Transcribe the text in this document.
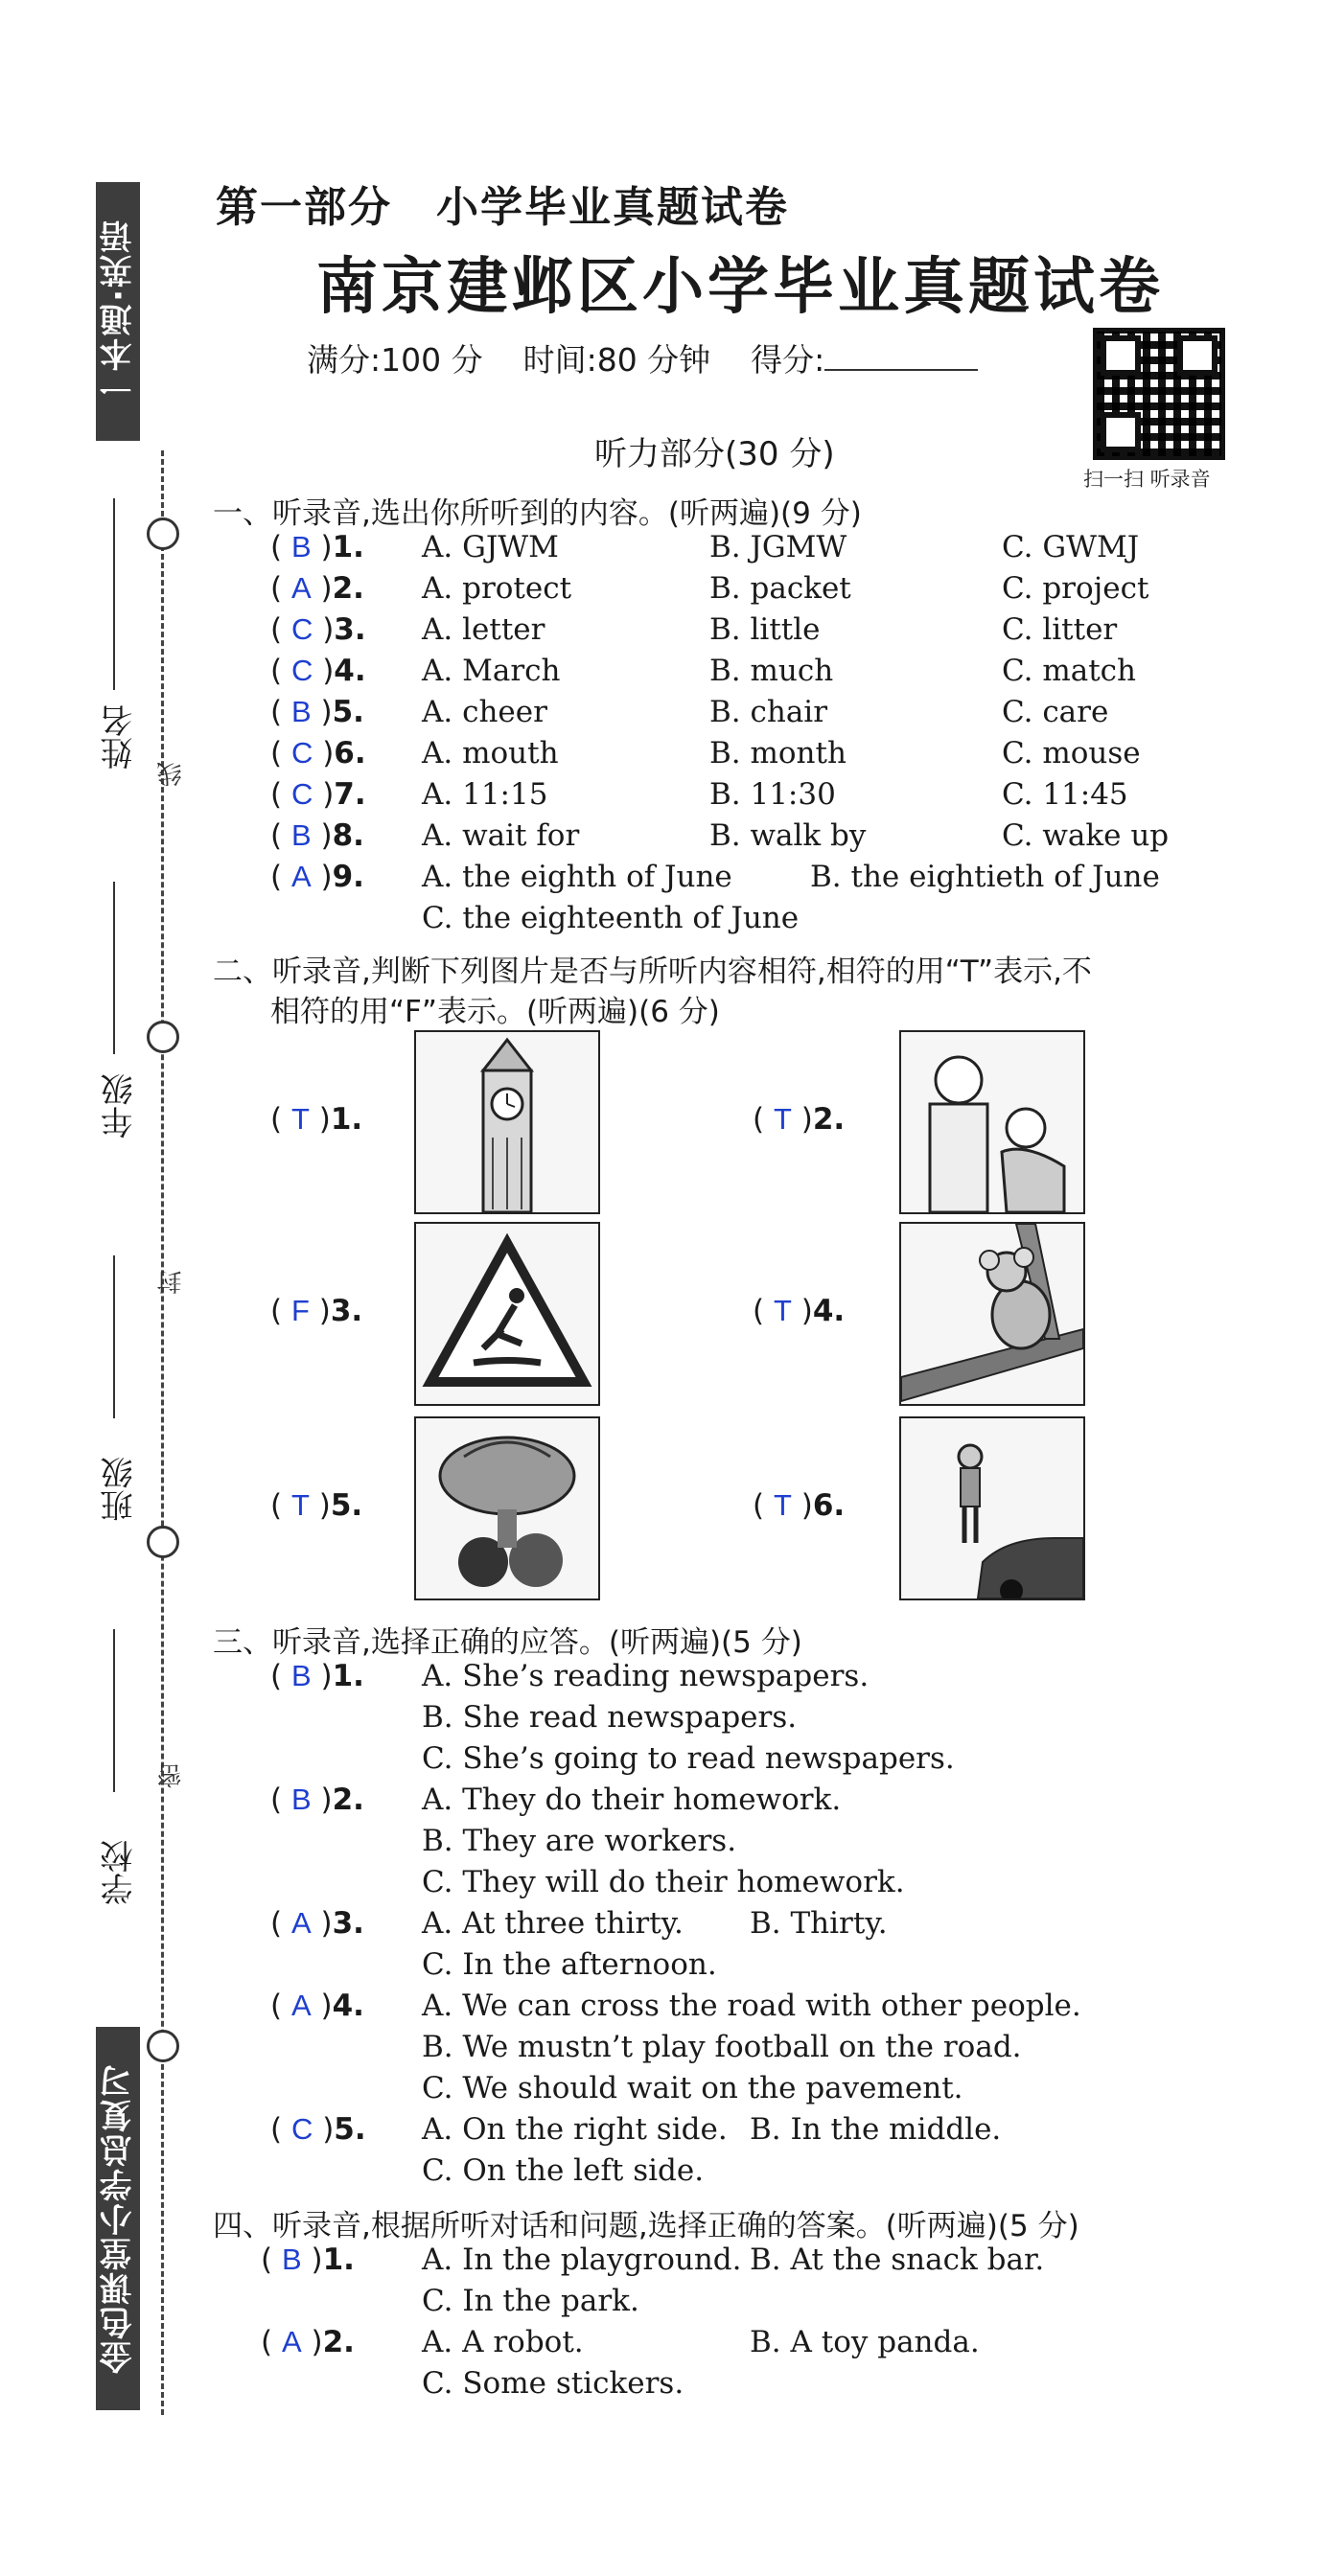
一本通·英语
金色课堂小学总复习
姓名
线
年级
封
班级
密
学校
第一部分　小学毕业真题试卷
南京建邺区小学毕业真题试卷
满分:100 分 时间:80 分钟 得分:
扫一扫 听录音
听力部分(30 分)
一、听录音,选出你所听到的内容。(听两遍)(9 分)
( B )1. A. GJWM	B. JGMW	C. GWMJ
( A )2. A. protect	B. packet	C. project
( C )3. A. letter	B. little	C. litter
( C )4. A. March	B. much	C. match
( B )5. A. cheer	B. chair	C. care
( C )6. A. mouth	B. month	C. mouse
( C )7. A. 11:15	B. 11:30	C. 11:45
( B )8. A. wait for	B. walk by	C. wake up
( A )9. A. the eighth of June	B. the eightieth of June
C. the eighteenth of June
二、听录音,判断下列图片是否与所听内容相符,相符的用“T”表示,不
相符的用“F”表示。(听两遍)(6 分)
( T )1.	( T )2.
( F )3.	( T )4.
( T )5.	( T )6.
三、听录音,选择正确的应答。(听两遍)(5 分)
( B )1. A. She’s reading newspapers.
B. She read newspapers.
C. She’s going to read newspapers.
( B )2. A. They do their homework.
B. They are workers.
C. They will do their homework.
( A )3. A. At three thirty. B. Thirty.
C. In the afternoon.
( A )4. A. We can cross the road with other people.
B. We mustn’t play football on the road.
C. We should wait on the pavement.
( C )5. A. On the right side. B. In the middle.
C. On the left side.
四、听录音,根据所听对话和问题,选择正确的答案。(听两遍)(5 分)
( B )1. A. In the playground. B. At the snack bar.
C. In the park.
( A )2. A. A robot.	B. A toy panda.
C. Some stickers.
